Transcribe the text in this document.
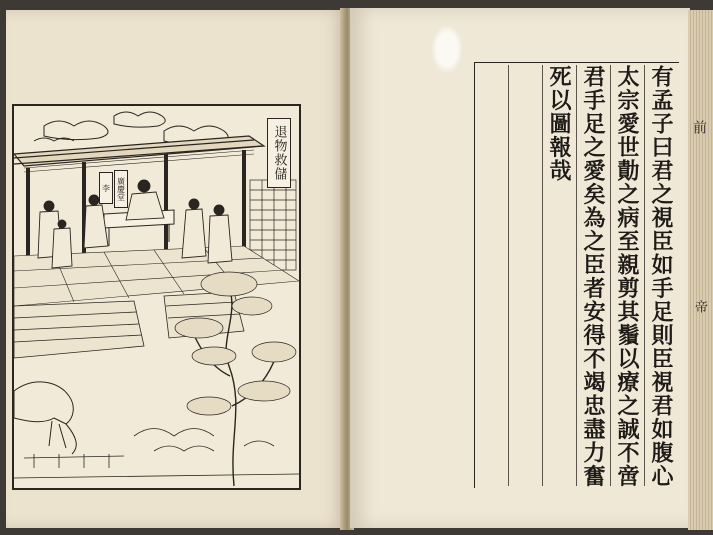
李 廣慶堂
退物救儲	有孟子曰君之視臣如手足則臣視君如腹心
太宗愛世勣之病至親剪其鬚以療之誠不啻
君手足之愛矣為之臣者安得不竭忠盡力奮
死以圖報哉	前
帝
